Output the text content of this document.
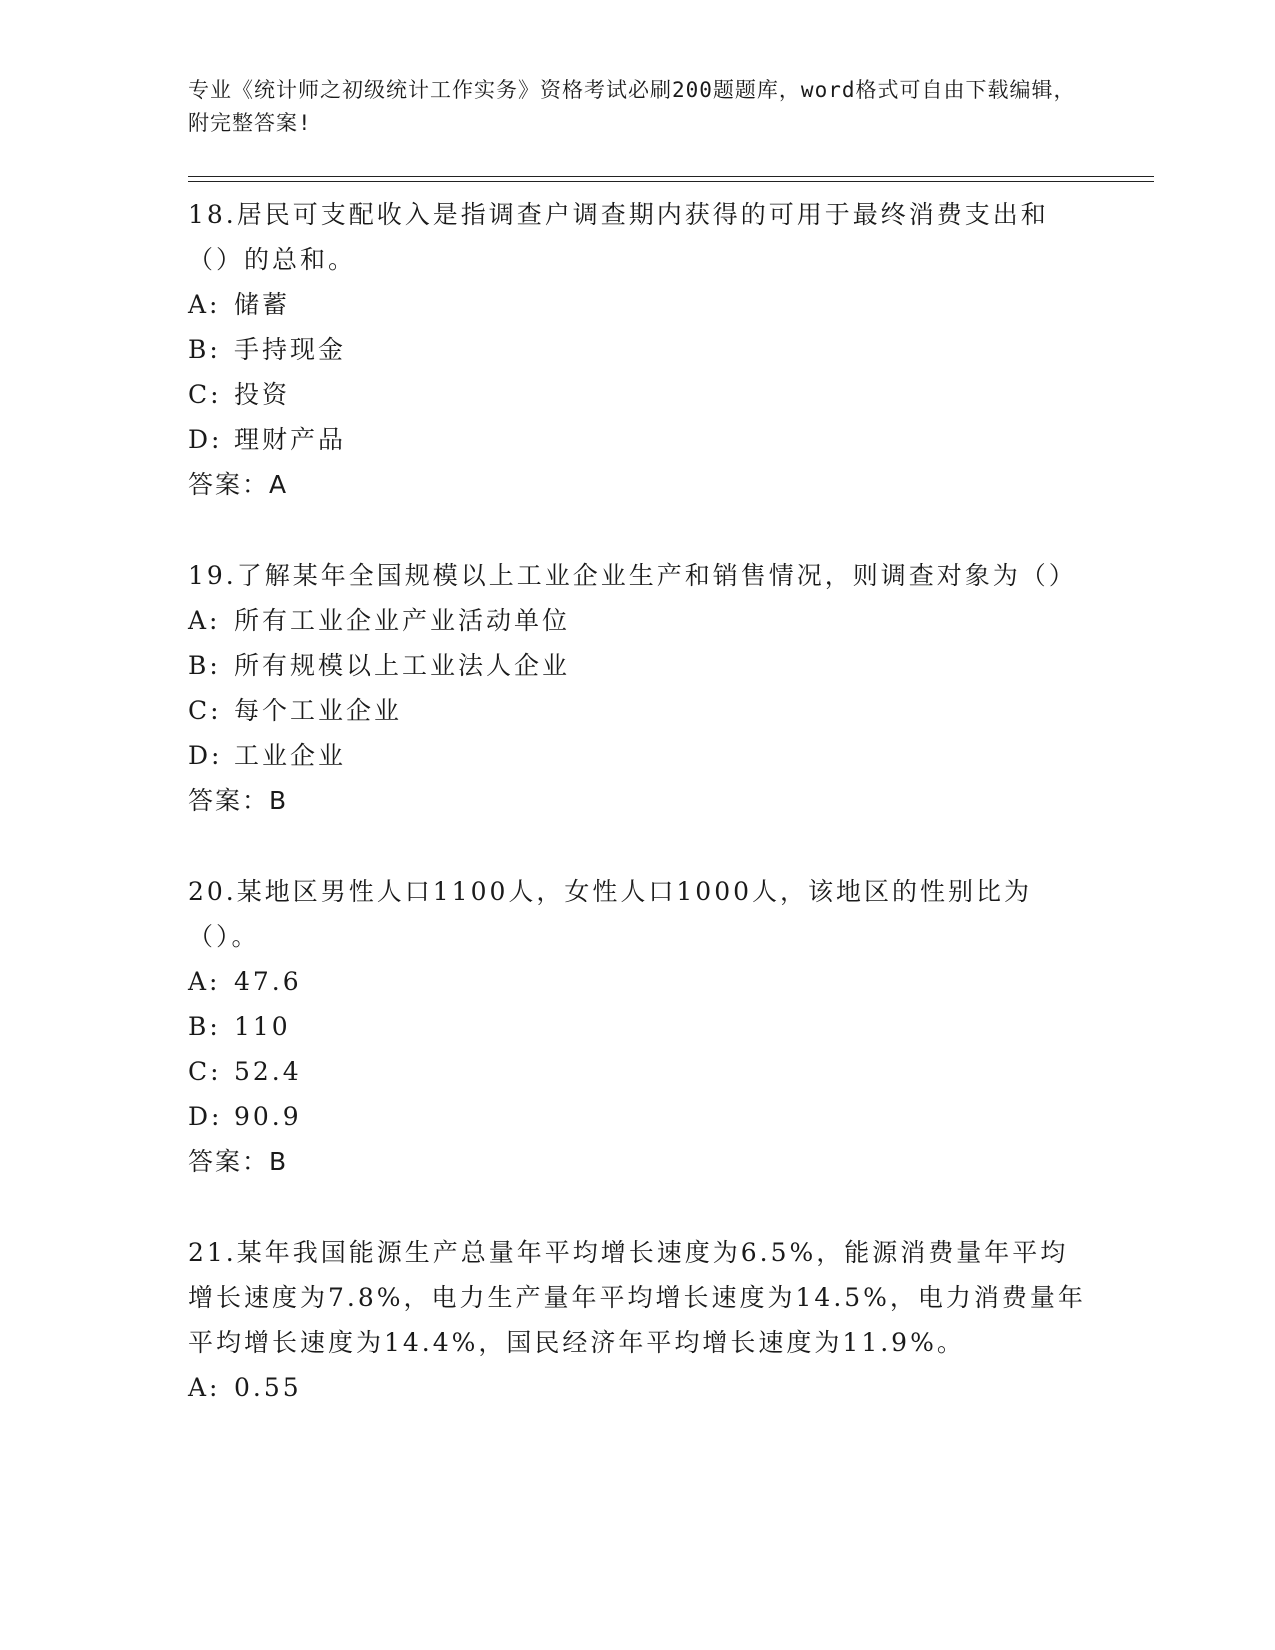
专业《统计师之初级统计工作实务》资格考试必刷200题题库，word格式可自由下载编辑，附完整答案!

18.居民可支配收入是指调查户调查期内获得的可用于最终消费支出和（）的总和。

A: 储蓄

B: 手持现金

C: 投资

D: 理财产品

答案：A

19.了解某年全国规模以上工业企业生产和销售情况，则调查对象为（）

A: 所有工业企业产业活动单位

B: 所有规模以上工业法人企业

C: 每个工业企业

D: 工业企业

答案：B

20.某地区男性人口1100人，女性人口1000人，该地区的性别比为（）。

A: 47.6

B: 110

C: 52.4

D: 90.9

答案：B

21.某年我国能源生产总量年平均增长速度为6.5%，能源消费量年平均增长速度为7.8%，电力生产量年平均增长速度为14.5%，电力消费量年平均增长速度为14.4%，国民经济年平均增长速度为11.9%。

A: 0.55
